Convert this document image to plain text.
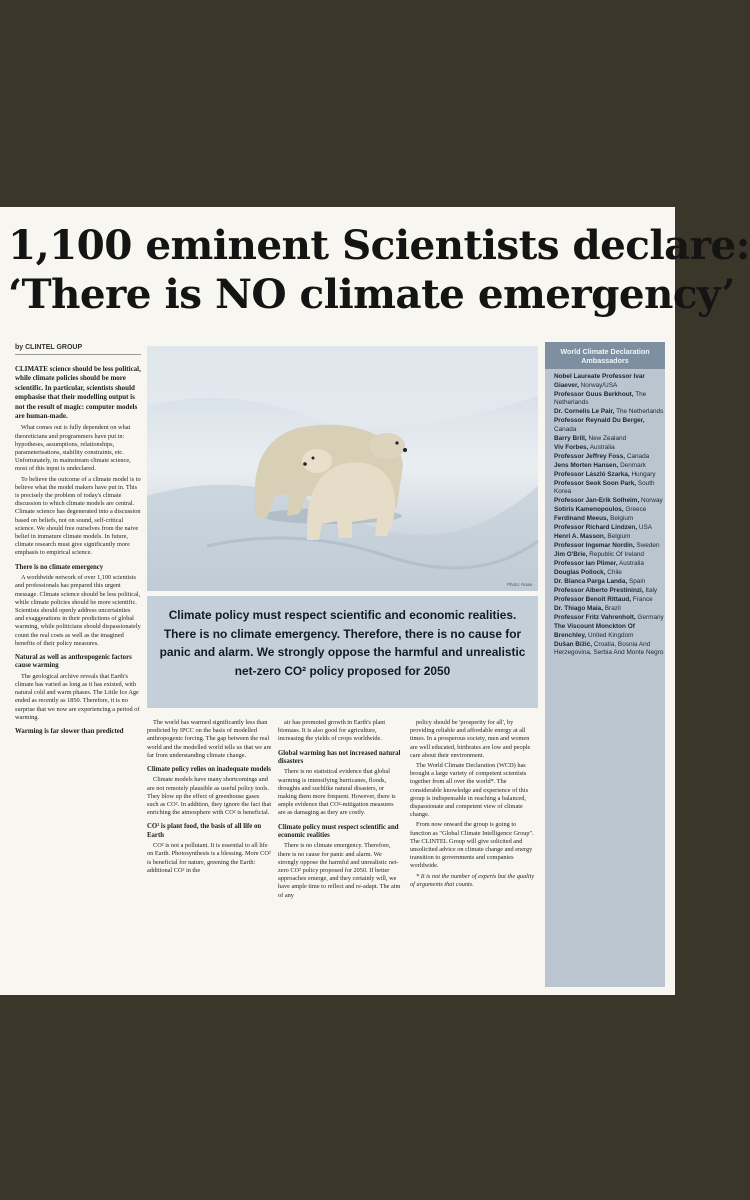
1,100 eminent Scientists declare:
‘There is NO climate emergency’
by CLINTEL GROUP

CLIMATE science should be less political, while climate policies should be more scientific. In particular, scientists should emphasise that their modelling output is not the result of magic: computer models are human-made.

What comes out is fully dependent on what theoreticians and programmers have put in: hypotheses, assumptions, relationships, parameterisations, stability constraints, etc. Unfortunately, in mainstream climate science, most of this input is undeclared.

To believe the outcome of a climate model is to believe what the model makers have put in. This is precisely the problem of today's climate discussion to which climate models are central. Climate science has degenerated into a discussion based on beliefs, not on sound, self-critical science. We should free ourselves from the naive belief in immature climate models. In future, climate research must give significantly more emphasis to empirical science.

There is no climate emergency

A worldwide network of over 1,100 scientists and professionals has prepared this urgent message. Climate science should be less political, while climate policies should be more scientific. Scientists should openly address uncertainties and exaggerations in their predictions of global warming, while politicians should dispassionately count the real costs as well as the imagined benefits of their policy measures.

Natural as well as anthropogenic factors cause warming

The geological archive reveals that Earth's climate has varied as long as it has existed, with natural cold and warm phases. The Little Ice Age ended as recently as 1850. Therefore, it is no surprise that we now are experiencing a period of warming.

Warming is far slower than predicted

Photo: Noaa
Climate policy must respect scientific and economic realities. There is no climate emergency. Therefore, there is no cause for panic and alarm. We strongly oppose the harmful and unrealistic net-zero CO² policy proposed for 2050

The world has warmed significantly less than predicted by IPCC on the basis of modelled anthropogenic forcing. The gap between the real world and the modelled world tells us that we are far from understanding climate change.

Climate policy relies on inadequate models

Climate models have many shortcomings and are not remotely plausible as useful policy tools. They blow up the effect of greenhouse gases such as CO². In addition, they ignore the fact that enriching the atmosphere with CO² is beneficial.

CO² is plant food, the basis of all life on Earth

CO² is not a pollutant. It is essential to all life on Earth. Photosynthesis is a blessing. More CO² is beneficial for nature, greening the Earth: additional CO² in the

air has promoted growth in Earth's plant biomass. It is also good for agriculture, increasing the yields of crops worldwide.

Global warming has not increased natural disasters

There is no statistical evidence that global warming is intensifying hurricanes, floods, droughts and suchlike natural disasters, or making them more frequent. However, there is ample evidence that CO²-mitigation measures are as damaging as they are costly.

Climate policy must respect scientific and economic realities

There is no climate emergency. Therefore, there is no cause for panic and alarm. We strongly oppose the harmful and unrealistic net-zero CO² policy proposed for 2050. If better approaches emerge, and they certainly will, we have ample time to reflect and re-adapt. The aim of any

policy should be 'prosperity for all', by providing reliable and affordable energy at all times. In a prosperous society, men and women are well educated, birthrates are low and people care about their environment.

The World Climate Declaration (WCD) has brought a large variety of competent scientists together from all over the world*. The considerable knowledge and experience of this group is indispensable in reaching a balanced, dispassionate and competent view of climate change.

From now onward the group is going to function as "Global Climate Intelligence Group". The CLINTEL Group will give solicited and unsolicited advice on climate change and energy transition to governments and companies worldwide.

* It is not the number of experts but the quality of arguments that counts.

World Climate Declaration Ambassadors
Nobel Laureate Professor Ivar Giaever, Norway/USA
Professor Guus Berkhout, The Netherlands
Dr. Cornelis Le Pair, The Netherlands
Professor Reynald Du Berger, Canada
Barry Brill, New Zealand
Viv Forbes, Australia
Professor Jeffrey Foss, Canada
Jens Morten Hansen, Denmark
Professor László Szarka, Hungary
Professor Seok Soon Park, South Korea
Professor Jan-Erik Solheim, Norway
Sotiris Kamenopoulos, Greece
Ferdinand Meeus, Belgium
Professor Richard Lindzen, USA
Henri A. Masson, Belgium
Professor Ingemar Nordin, Sweden
Jim O'Brie, Republic Of Ireland
Professor Ian Plimer, Australia
Douglas Pollock, Chile
Dr. Blanca Parga Landa, Spain
Professor Alberto Prestininzi, Italy
Professor Benoît Rittaud, France
Dr. Thiago Maia, Brazil
Professor Fritz Vahrenholt, Germany
The Viscount Monckton Of Brenchley, United Kingdom
Dušan Bižić, Croatia, Bosnia And Herzegovina, Serbia And Monte Negro
